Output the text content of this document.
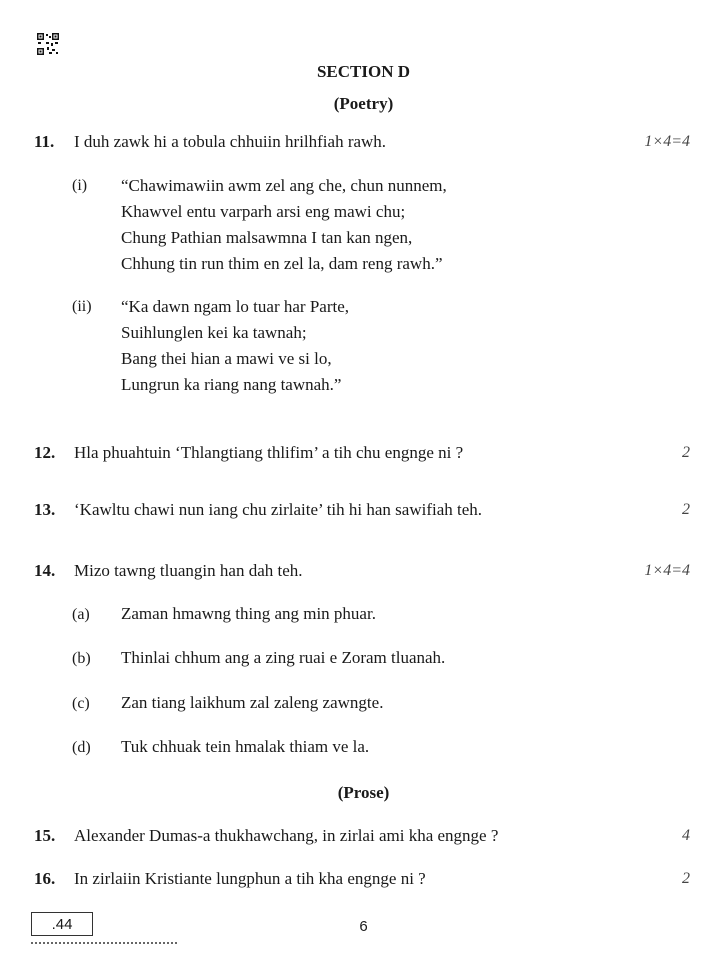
SECTION D
(Poetry)
11. I duh zawk hi a tobula chhuiin hrilhfiah rawh.	1×4=4
(i) “Chawimawiin awm zel ang che, chun nunnem,
Khawvel entu varparh arsi eng mawi chu;
Chung Pathian malsawmna I tan kan ngen,
Chhung tin run thim en zel la, dam reng rawh.”
(ii) “Ka dawn ngam lo tuar har Parte,
Suihlunglen kei ka tawnah;
Bang thei hian a mawi ve si lo,
Lungrun ka riang nang tawnah.”
12. Hla phuahtuin ‘Thlangtiang thlifim’ a tih chu engnge ni ?	2
13. ‘Kawltu chawi nun iang chu zirlaite’ tih hi han sawifiah teh.	2
14. Mizo tawng tluangin han dah teh.	1×4=4
(a) Zaman hmawng thing ang min phuar.
(b) Thinlai chhum ang a zing ruai e Zoram tluanah.
(c) Zan tiang laikhum zal zaleng zawngte.
(d) Tuk chhuak tein hmalak thiam ve la.
(Prose)
15. Alexander Dumas-a thukhawchang, in zirlai ami kha engnge ?	4
16. In zirlaiin Kristiante lungphun a tih kha engnge ni ?	2
.44	6
